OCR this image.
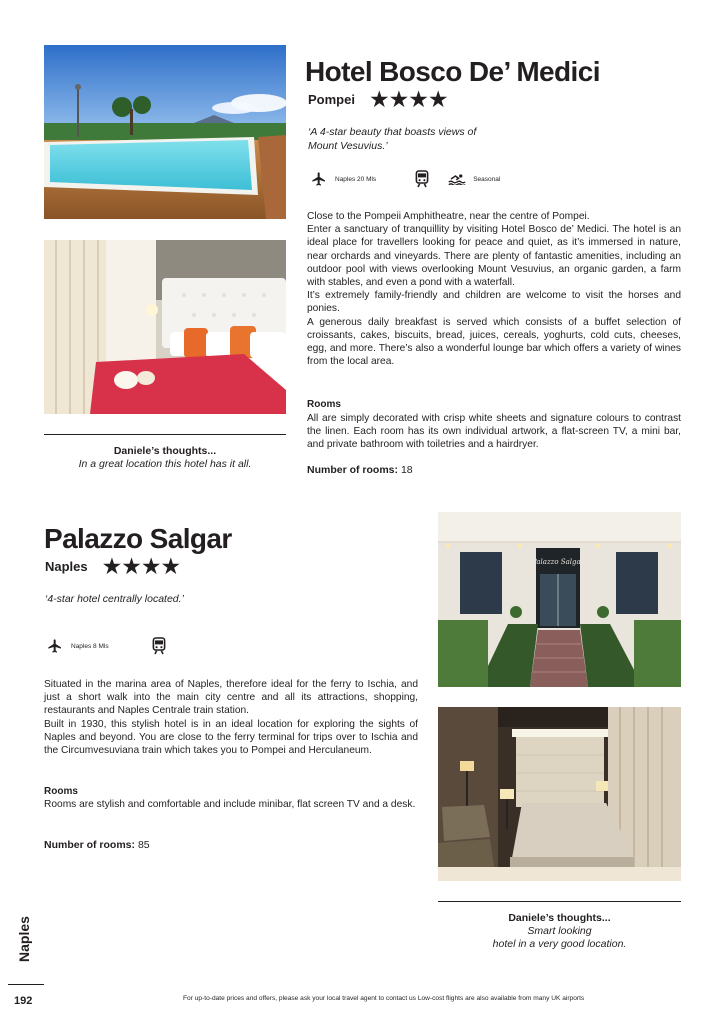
Hotel Bosco De’ Medici
Pompei ★★★★
‘A 4-star beauty that boasts views of Mount Vesuvius.’
Naples 20 Mls	Seasonal

Close to the Pompeii Amphitheatre, near the centre of Pompei.

Enter a sanctuary of tranquillity by visiting Hotel Bosco de’ Medici. The hotel is an ideal place for travellers looking for peace and quiet, as it’s immersed in nature, near orchards and vineyards. There are plenty of fantastic amenities, including an outdoor pool with views overlooking Mount Vesuvius, an organic garden, a farm with stables, and even a pond with a waterfall.

It’s extremely family-friendly and children are welcome to visit the horses and ponies.

A generous daily breakfast is served which consists of a buffet selection of croissants, cakes, biscuits, bread, juices, cereals, yoghurts, cold cuts, cheeses, egg, and more. There’s also a wonderful lounge bar which offers a variety of wines from the local area.

Rooms
All are simply decorated with crisp white sheets and signature colours to contrast the linen. Each room has its own individual artwork, a flat-screen TV, a mini bar, and private bathroom with toiletries and a hairdryer.
Number of rooms: 18
Daniele’s thoughts...
In a great location this hotel has it all.
Palazzo Salgar
Naples ★★★★
‘4-star hotel centrally located.’
Naples 8 Mls

Situated in the marina area of Naples, therefore ideal for the ferry to Ischia, and just a short walk into the main city centre and all its attractions, shopping, restaurants and Naples Centrale train station.

Built in 1930, this stylish hotel is in an ideal location for exploring the sights of Naples and beyond. You are close to the ferry terminal for trips over to Ischia and the Circumvesuviana train which takes you to Pompei and Herculaneum.

Rooms
Rooms are stylish and comfortable and include minibar, flat screen TV and a desk.
Number of rooms: 85
Palazzo Salgar
Daniele’s thoughts...
Smart looking
hotel in a very good location.
Naples
192	For up-to-date prices and offers, please ask your local travel agent to contact us Low-cost flights are also available from many UK airports
